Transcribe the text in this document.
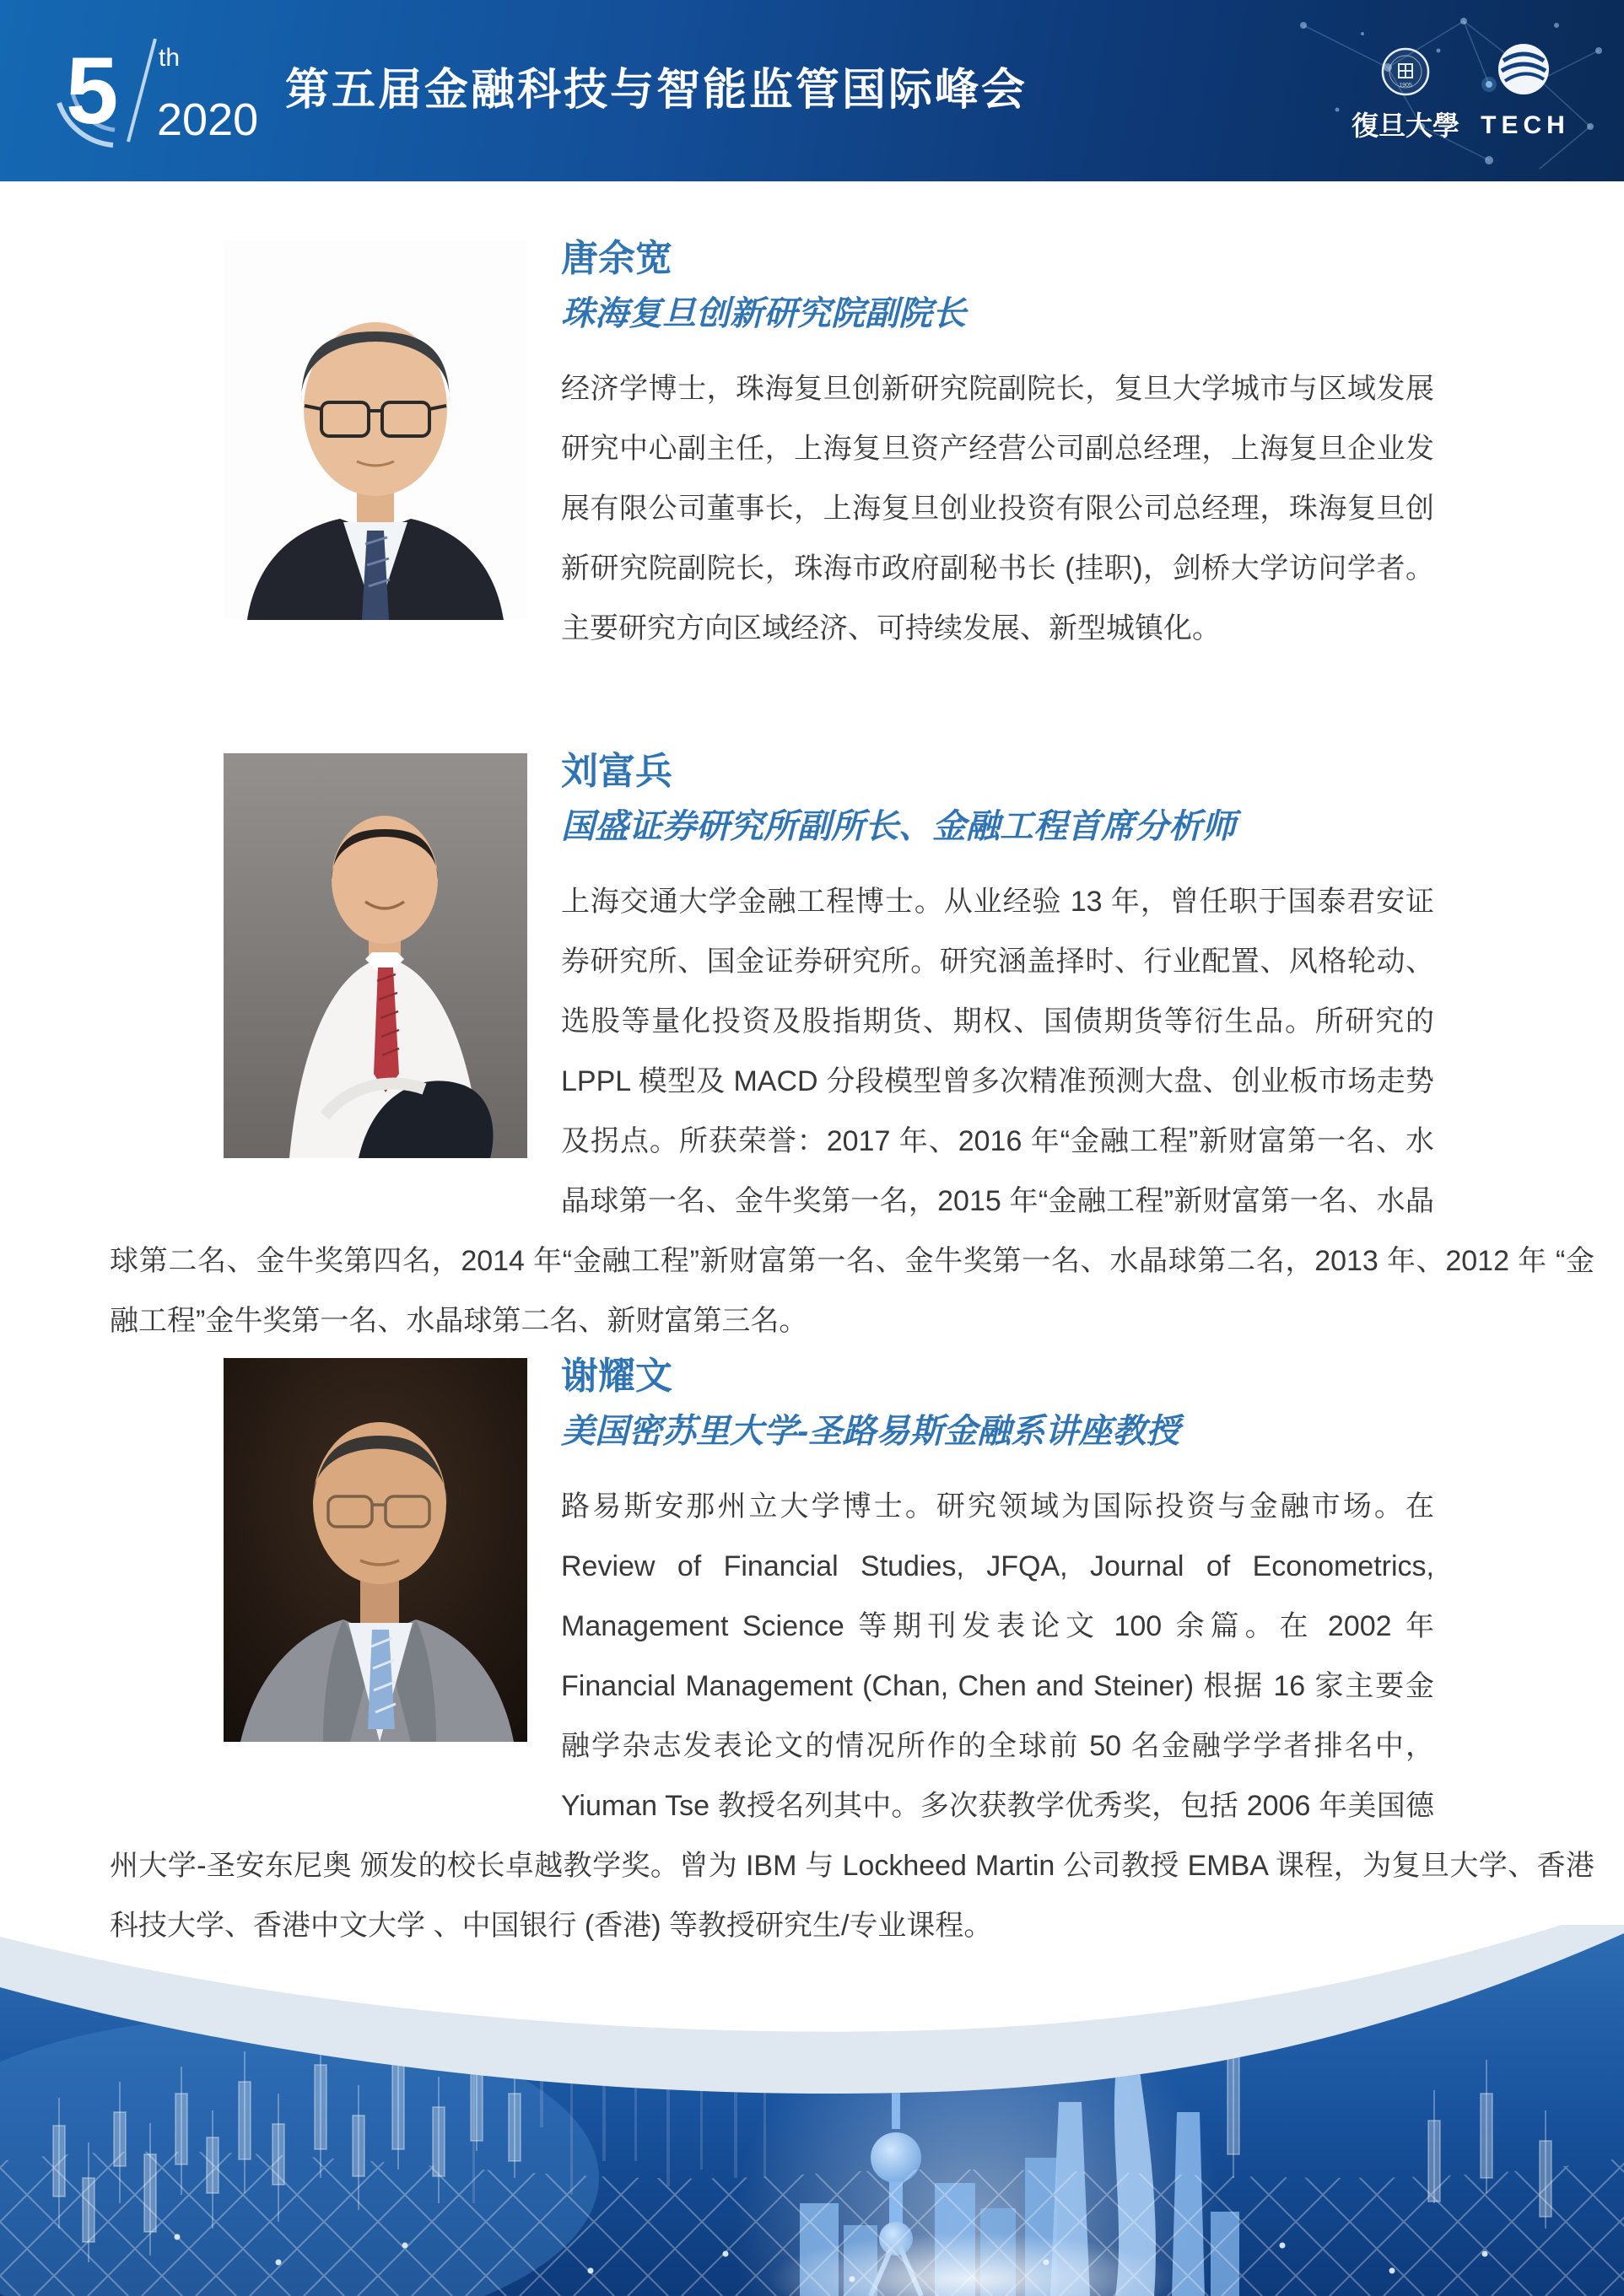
5 th
2020
第五届金融科技与智能监管国际峰会	1905
復旦大學 TECH
唐余宽
珠海复旦创新研究院副院长

经济学博士，珠海复旦创新研究院副院长，复旦大学城市与区域发展研究中心副主任，上海复旦资产经营公司副总经理，上海复旦企业发展有限公司董事长，上海复旦创业投资有限公司总经理，珠海复旦创新研究院副院长，珠海市政府副秘书长 (挂职)，剑桥大学访问学者。主要研究方向区域经济、可持续发展、新型城镇化。

刘富兵
国盛证券研究所副所长、金融工程首席分析师

上海交通大学金融工程博士。从业经验 13 年，曾任职于国泰君安证券研究所、国金证券研究所。研究涵盖择时、行业配置、风格轮动、选股等量化投资及股指期货、期权、国债期货等衍生品。所研究的 LPPL 模型及 MACD 分段模型曾多次精准预测大盘、创业板市场走势及拐点。所获荣誉：2017 年、2016 年“金融工程”新财富第一名、水晶球第一名、金牛奖第一名，2015 年“金融工程”新财富第一名、水晶球第二名、金牛奖第四名，2014 年“金融工程”新财富第一名、金牛奖第一名、水晶球第二名，2013 年、2012 年 “金融工程”金牛奖第一名、水晶球第二名、新财富第三名。

谢耀文
美国密苏里大学-圣路易斯金融系讲座教授

路易斯安那州立大学博士。研究领域为国际投资与金融市场。在 Review of Financial Studies, JFQA, Journal of Econometrics, Management Science 等期刊发表论文 100 余篇。在 2002 年 Financial Management (Chan, Chen and Steiner) 根据 16 家主要金融学杂志发表论文的情况所作的全球前 50 名金融学学者排名中，Yiuman Tse 教授名列其中。多次获教学优秀奖，包括 2006 年美国德州大学-圣安东尼奥 颁发的校长卓越教学奖。曾为 IBM 与 Lockheed Martin 公司教授 EMBA 课程，为复旦大学、香港科技大学、香港中文大学 、中国银行 (香港) 等教授研究生/专业课程。
